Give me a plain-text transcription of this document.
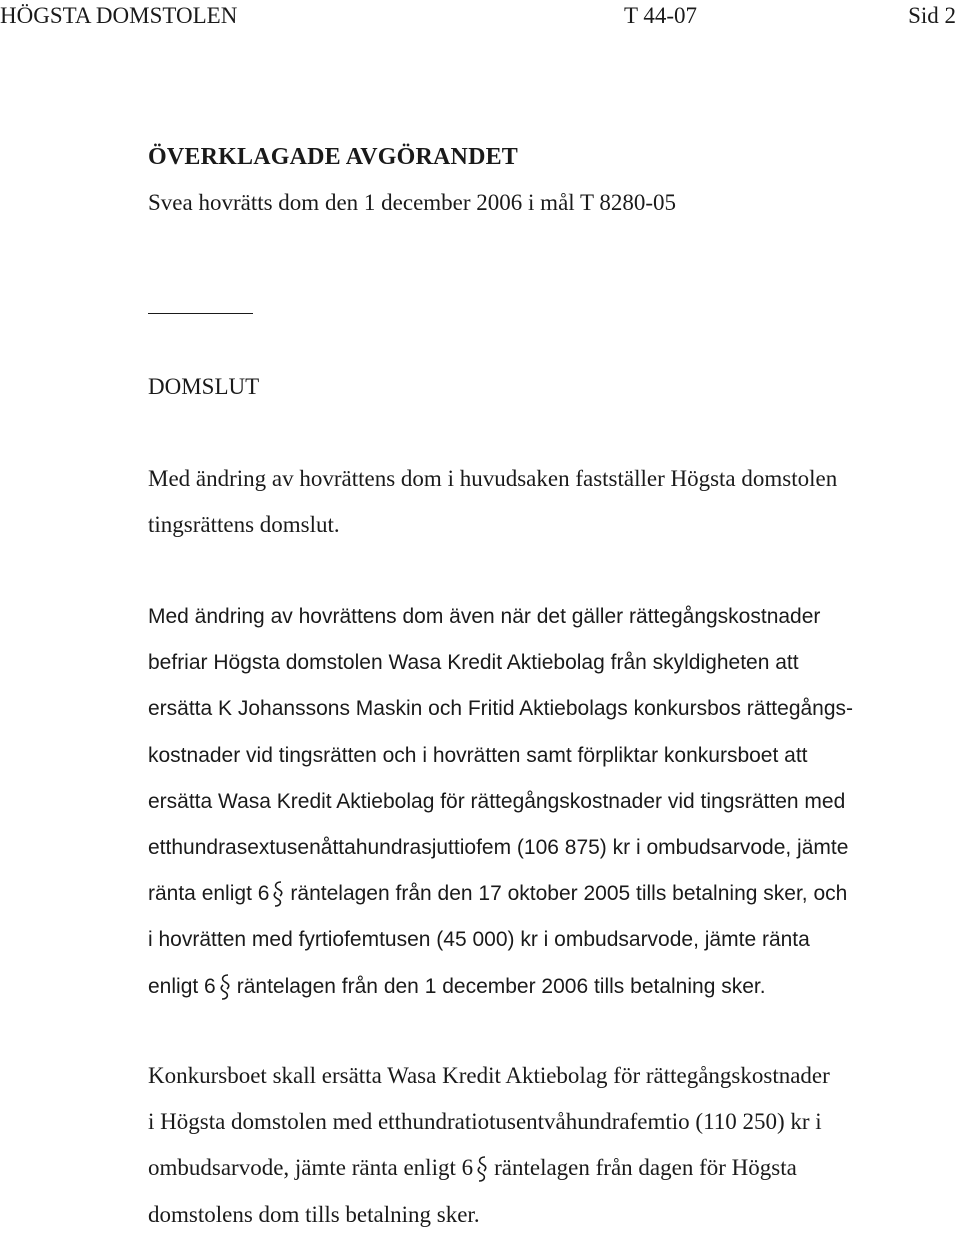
HÖGSTA DOMSTOLEN	T 44-07	Sid 2
ÖVERKLAGADE AVGÖRANDET
Svea hovrätts dom den 1 december 2006 i mål T 8280-05
DOMSLUT

Med ändring av hovrättens dom i huvudsaken fastställer Högsta domstolen
tingsrättens domslut.

Med ändring av hovrättens dom även när det gäller rättegångskostnader
befriar Högsta domstolen Wasa Kredit Aktiebolag från skyldigheten att
ersätta K Johanssons Maskin och Fritid Aktiebolags konkursbos rättegångs-
kostnader vid tingsrätten och i hovrätten samt förpliktar konkursboet att
ersätta Wasa Kredit Aktiebolag för rättegångskostnader vid tingsrätten med
etthundrasextusenåttahundrasjuttiofem (106 875) kr i ombudsarvode, jämte
ränta enligt 6 räntelagen från den 17 oktober 2005 tills betalning sker, och
i hovrätten med fyrtiofemtusen (45 000) kr i ombudsarvode, jämte ränta
enligt 6 räntelagen från den 1 december 2006 tills betalning sker.

Konkursboet skall ersätta Wasa Kredit Aktiebolag för rättegångskostnader
i Högsta domstolen med etthundratiotusentvåhundrafemtio (110 250) kr i
ombudsarvode, jämte ränta enligt 6 räntelagen från dagen för Högsta
domstolens dom tills betalning sker.
